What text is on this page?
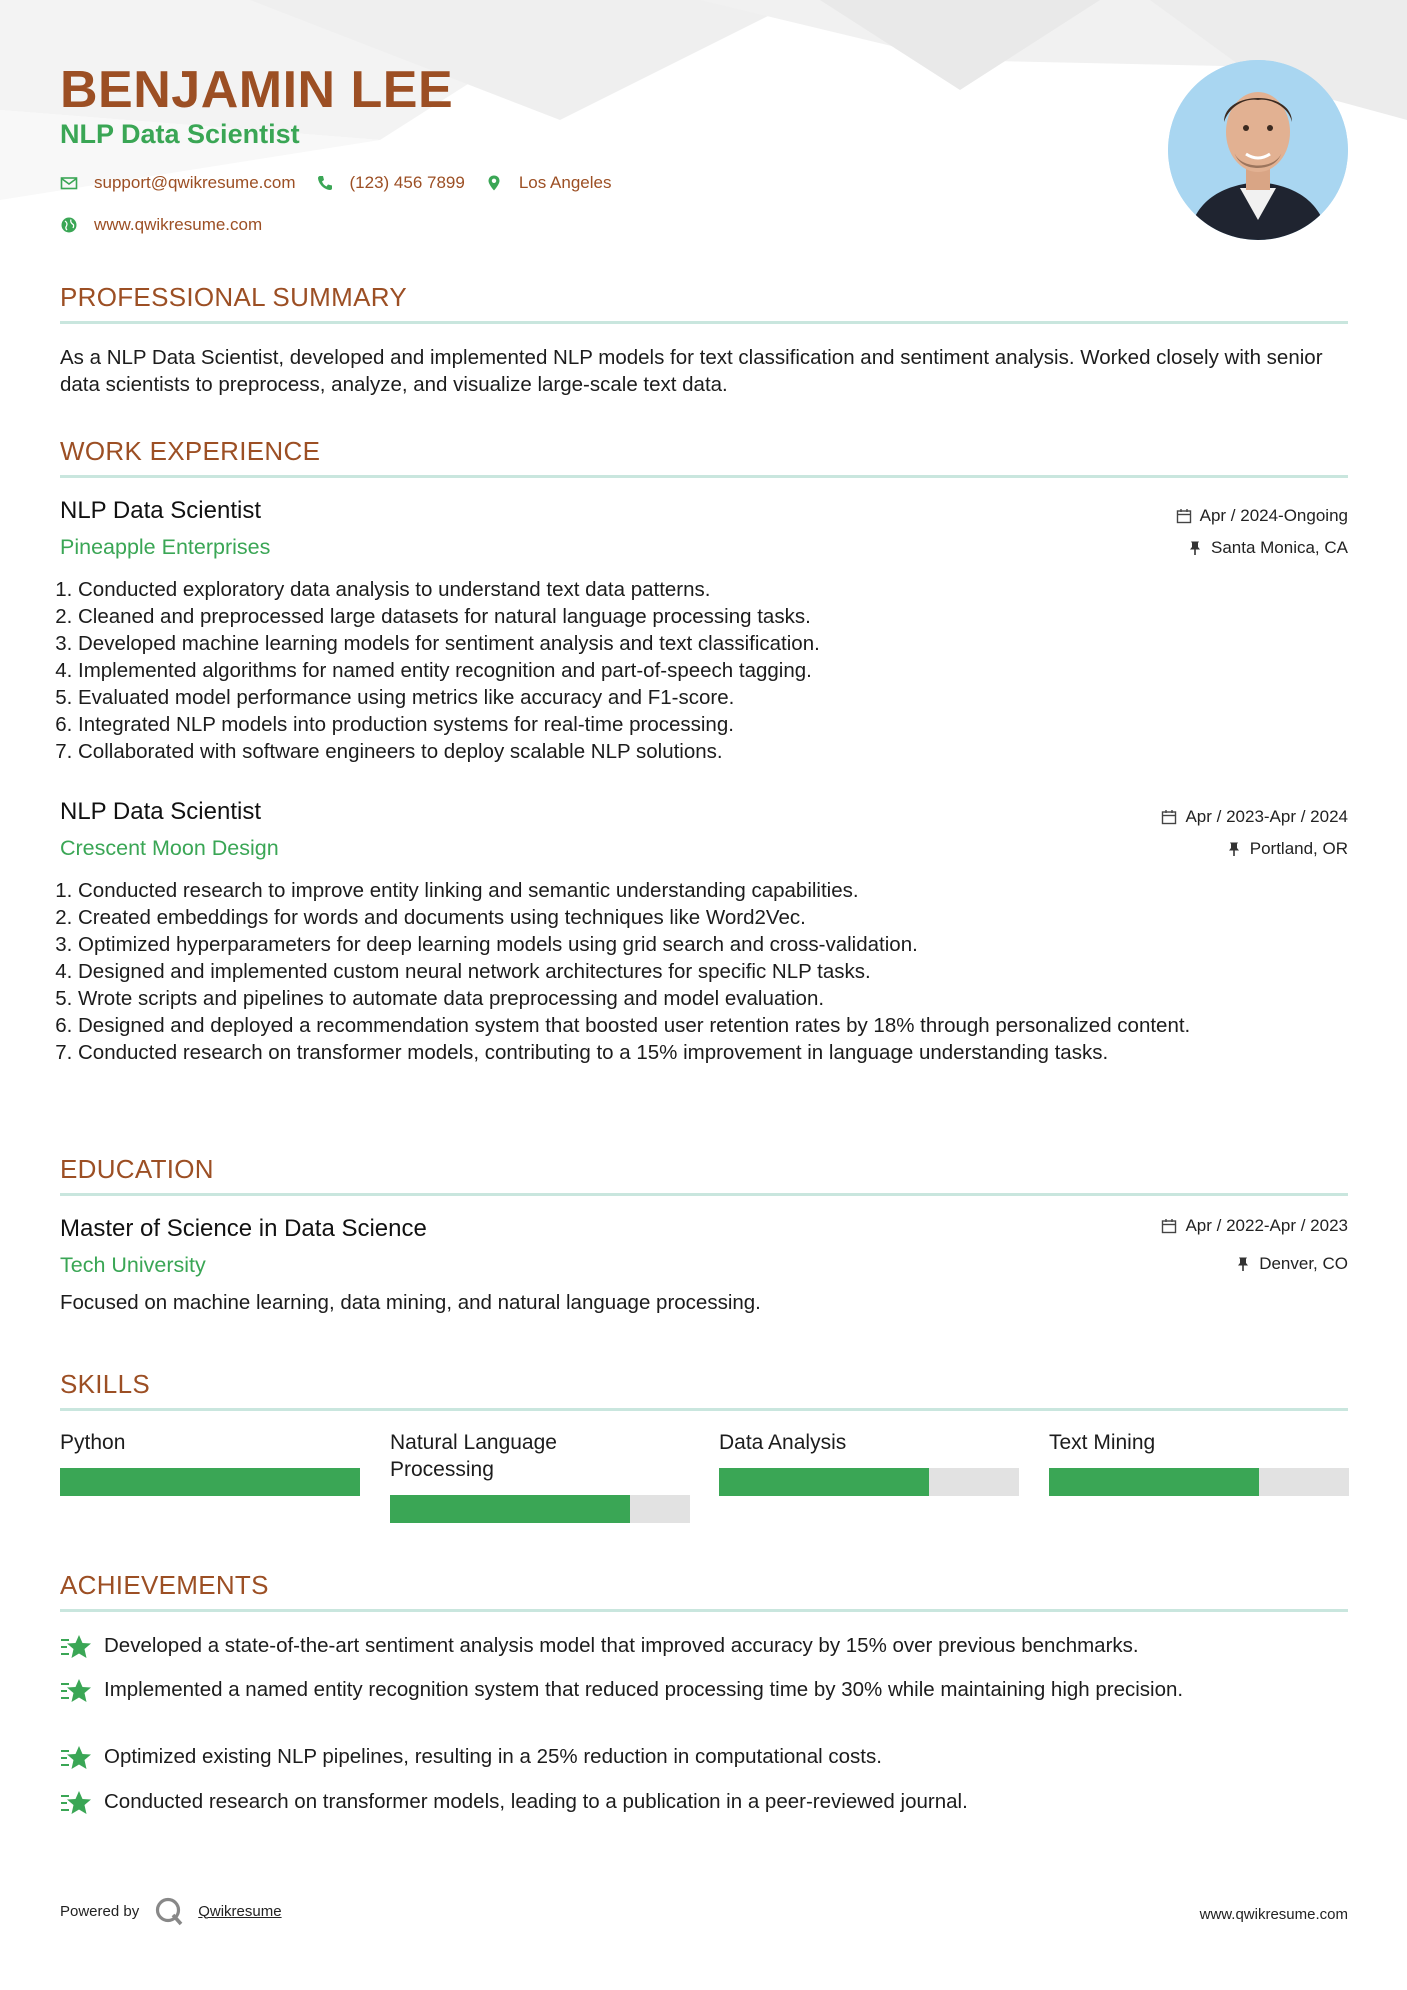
BENJAMIN LEE
NLP Data Scientist
support@qwikresume.com	(123) 456 7899	Los Angeles
www.qwikresume.com
PROFESSIONAL SUMMARY

As a NLP Data Scientist, developed and implemented NLP models for text classification and sentiment analysis. Worked closely with senior data scientists to preprocess, analyze, and visualize large-scale text data.

WORK EXPERIENCE
NLP Data Scientist
Pineapple Enterprises
Apr / 2024-Ongoing
Santa Monica, CA
1. Conducted exploratory data analysis to understand text data patterns.
2. Cleaned and preprocessed large datasets for natural language processing tasks.
3. Developed machine learning models for sentiment analysis and text classification.
4. Implemented algorithms for named entity recognition and part-of-speech tagging.
5. Evaluated model performance using metrics like accuracy and F1-score.
6. Integrated NLP models into production systems for real-time processing.
7. Collaborated with software engineers to deploy scalable NLP solutions.
NLP Data Scientist
Crescent Moon Design
Apr / 2023-Apr / 2024
Portland, OR
1. Conducted research to improve entity linking and semantic understanding capabilities.
2. Created embeddings for words and documents using techniques like Word2Vec.
3. Optimized hyperparameters for deep learning models using grid search and cross-validation.
4. Designed and implemented custom neural network architectures for specific NLP tasks.
5. Wrote scripts and pipelines to automate data preprocessing and model evaluation.
6. Designed and deployed a recommendation system that boosted user retention rates by 18% through personalized content.
7. Conducted research on transformer models, contributing to a 15% improvement in language understanding tasks.
EDUCATION
Master of Science in Data Science
Tech University
Apr / 2022-Apr / 2023
Denver, CO

Focused on machine learning, data mining, and natural language processing.

SKILLS
Python	Natural Language Processing
Data Analysis	Text Mining
ACHIEVEMENTS
Developed a state-of-the-art sentiment analysis model that improved accuracy by 15% over previous benchmarks.
Implemented a named entity recognition system that reduced processing time by 30% while maintaining high precision.
Optimized existing NLP pipelines, resulting in a 25% reduction in computational costs.
Conducted research on transformer models, leading to a publication in a peer-reviewed journal.
Powered by	Qwikresume	www.qwikresume.com
